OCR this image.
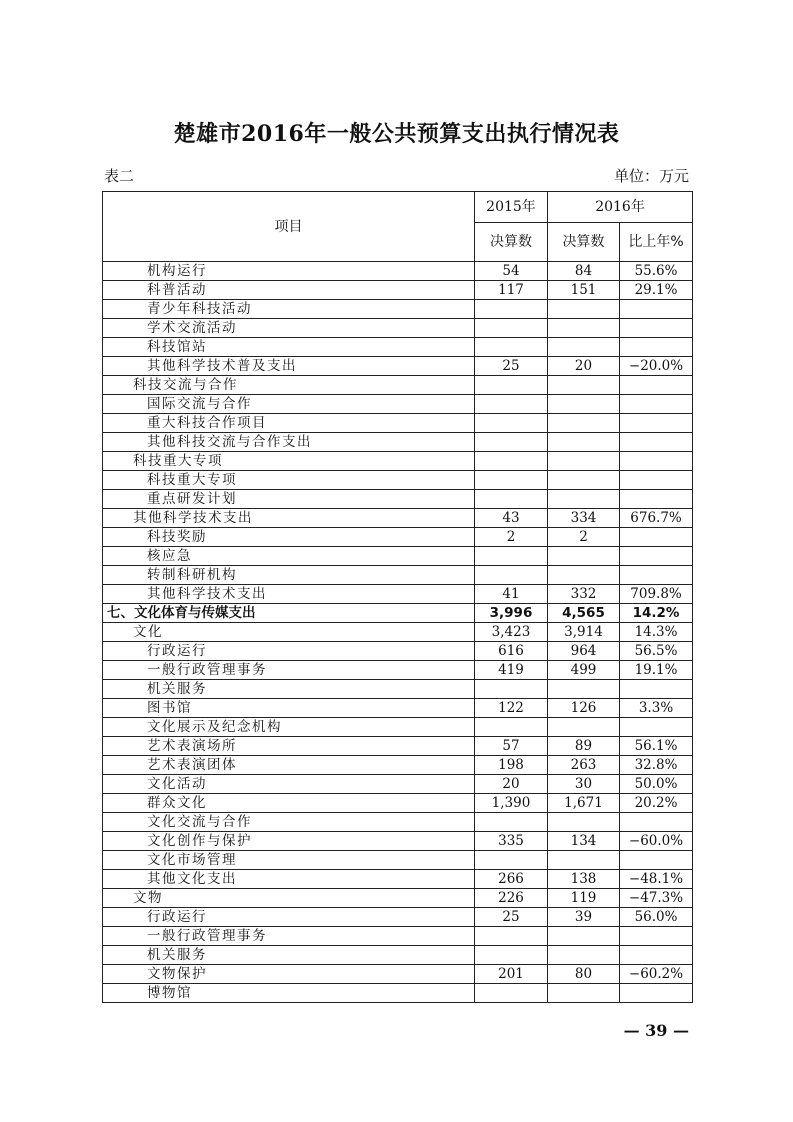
楚雄市2016年一般公共预算支出执行情况表
表二	单位：万元
项目	2015年	2016年	
	决算数	决算数	比上年%
机构运行	54	84	55.6%
科普活动	117	151	29.1%
青少年科技活动			
学术交流活动			
科技馆站			
其他科学技术普及支出	25	20	−20.0%
科技交流与合作			
国际交流与合作			
重大科技合作项目			
其他科技交流与合作支出			
科技重大专项			
科技重大专项			
重点研发计划			
其他科学技术支出	43	334	676.7%
科技奖励	2	2	
核应急			
转制科研机构			
其他科学技术支出	41	332	709.8%
七、文化体育与传媒支出	3,996	4,565	14.2%
文化	3,423	3,914	14.3%
行政运行	616	964	56.5%
一般行政管理事务	419	499	19.1%
机关服务			
图书馆	122	126	3.3%
文化展示及纪念机构			
艺术表演场所	57	89	56.1%
艺术表演团体	198	263	32.8%
文化活动	20	30	50.0%
群众文化	1,390	1,671	20.2%
文化交流与合作			
文化创作与保护	335	134	−60.0%
文化市场管理			
其他文化支出	266	138	−48.1%
文物	226	119	−47.3%
行政运行	25	39	56.0%
一般行政管理事务			
机关服务			
文物保护	201	80	−60.2%
博物馆			
— 39 —
